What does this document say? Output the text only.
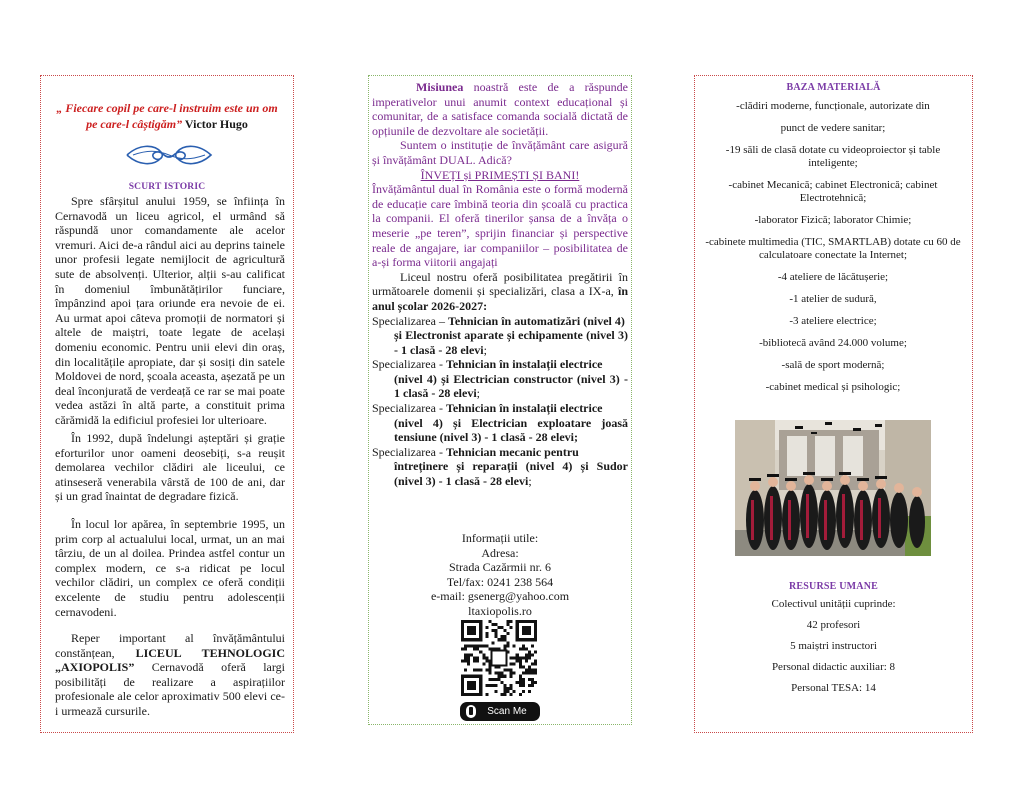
„ Fiecare copil pe care-l instruim este un om pe care-l câștigăm” Victor Hugo
SCURT ISTORIC

Spre sfârșitul anului 1959, se înființa în Cernavodă un liceu agricol, el urmând să răspundă unor comandamente ale acelor vremuri. Aici de-a rândul aici au deprins tainele unor profesii legate nemijlocit de agricultură sute de absolvenți. Ulterior, alții s-au calificat în domeniul îmbunătățirilor funciare, împânzind apoi țara oriunde era nevoie de ei. Au urmat apoi câteva promoții de normatori și altele de maiștri, toate legate de același domeniu economic. Pentru unii elevi din oraș, din localitățile apropiate, dar și sosiți din satele Moldovei de nord, școala aceasta, așezată pe un deal înconjurată de verdeață ce rar se mai poate vedea astăzi în altă parte, a constituit prima cărămidă la edificiul profesiei lor ulterioare.

În 1992, după îndelungi așteptări și grație eforturilor unor oameni deosebiți, s-a reușit demolarea vechilor clădiri ale liceului, ce atinseseră venerabila vârstă de 100 de ani, dar și un grad înaintat de degradare fizică.

În locul lor apărea, în septembrie 1995, un prim corp al actualului local, urmat, un an mai târziu, de un al doilea. Prindea astfel contur un complex modern, ce s-a ridicat pe locul vechilor clădiri, un complex ce oferă condiții excelente de studiu pentru adolescenții cernavodeni.

Reper important al învățământului constănțean, LICEUL TEHNOLOGIC „AXIOPOLIS” Cernavodă oferă largi posibilități de realizare a aspirațiilor profesionale ale celor aproximativ 500 elevi ce-i urmează cursurile.

Misiunea noastră este de a răspunde imperativelor unui anumit context educațional și comunitar, de a satisface comanda socială dictată de opțiunile de dezvoltare ale societății.

Suntem o instituție de învățământ care asigură și învățământ DUAL. Adică?

ÎNVEȚI și PRIMEȘTI ȘI BANI!

Învățământul dual în România este o formă modernă de educație care îmbină teoria din școală cu practica la companii. El oferă tinerilor șansa de a învăța o meserie „pe teren”, sprijin financiar și perspective reale de angajare, iar companiilor – posibilitatea de a-și forma viitorii angajați

Liceul nostru oferă posibilitatea pregătirii în următoarele domenii și specializări, clasa a IX-a, în anul școlar 2026-2027:

Specializarea – Tehnician în automatizări (nivel 4)
și Electronist aparate și echipamente (nivel 3) - 1 clasă - 28 elevi;

Specializarea - Tehnician în instalații electrice
(nivel 4) și Electrician constructor (nivel 3) - 1 clasă - 28 elevi;

Specializarea - Tehnician în instalații electrice
(nivel 4) și Electrician exploatare joasă tensiune (nivel 3) - 1 clasă - 28 elevi;

Specializarea - Tehnician mecanic pentru
întreținere și reparații (nivel 4) și Sudor (nivel 3) - 1 clasă - 28 elevi;

Informații utile:
Adresa:
Strada Cazărmii nr. 6
Tel/fax: 0241 238 564
e-mail: gsenerg@yahoo.com
ltaxiopolis.ro
Scan Me
BAZA MATERIALĂ

-clădiri moderne, funcționale, autorizate din

punct de vedere sanitar;

-19 săli de clasă dotate cu videoproiector și table inteligente;

-cabinet Mecanică; cabinet Electronică; cabinet Electrotehnică;

-laborator Fizică; laborator Chimie;

-cabinete multimedia (TIC, SMARTLAB) dotate cu 60 de calculatoare conectate la Internet;

-4 ateliere de lăcătușerie;

-1 atelier de sudură,

-3 ateliere electrice;

-bibliotecă având 24.000 volume;

-sală de sport modernă;

-cabinet medical și psihologic;

RESURSE UMANE

Colectivul unității cuprinde:

42 profesori

5 maiștri instructori

Personal didactic auxiliar: 8

Personal TESA: 14
